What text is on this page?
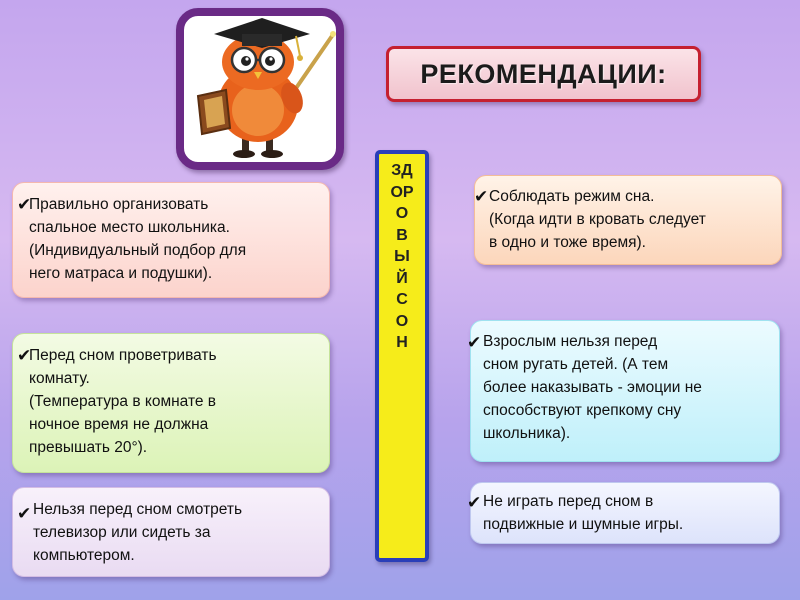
РЕКОМЕНДАЦИИ:
ЗД
ОР
О
В
Ы
Й
С
О
Н
✔
Правильно организовать
спальное место школьника.
(Индивидуальный подбор для
него матраса и подушки).
✔
Перед сном проветривать
комнату.
(Температура в комнате в
ночное время не должна
превышать 20°).
✔ Нельзя перед сном смотреть
телевизор или сидеть за
компьютером.
✔ Соблюдать режим сна.
(Когда идти в кровать следует
в одно и тоже время).
✔ Взрослым нельзя перед
сном ругать детей. (А тем
более наказывать - эмоции не
способствуют крепкому сну
школьника).
✔ Не играть перед сном в
подвижные и шумные игры.
